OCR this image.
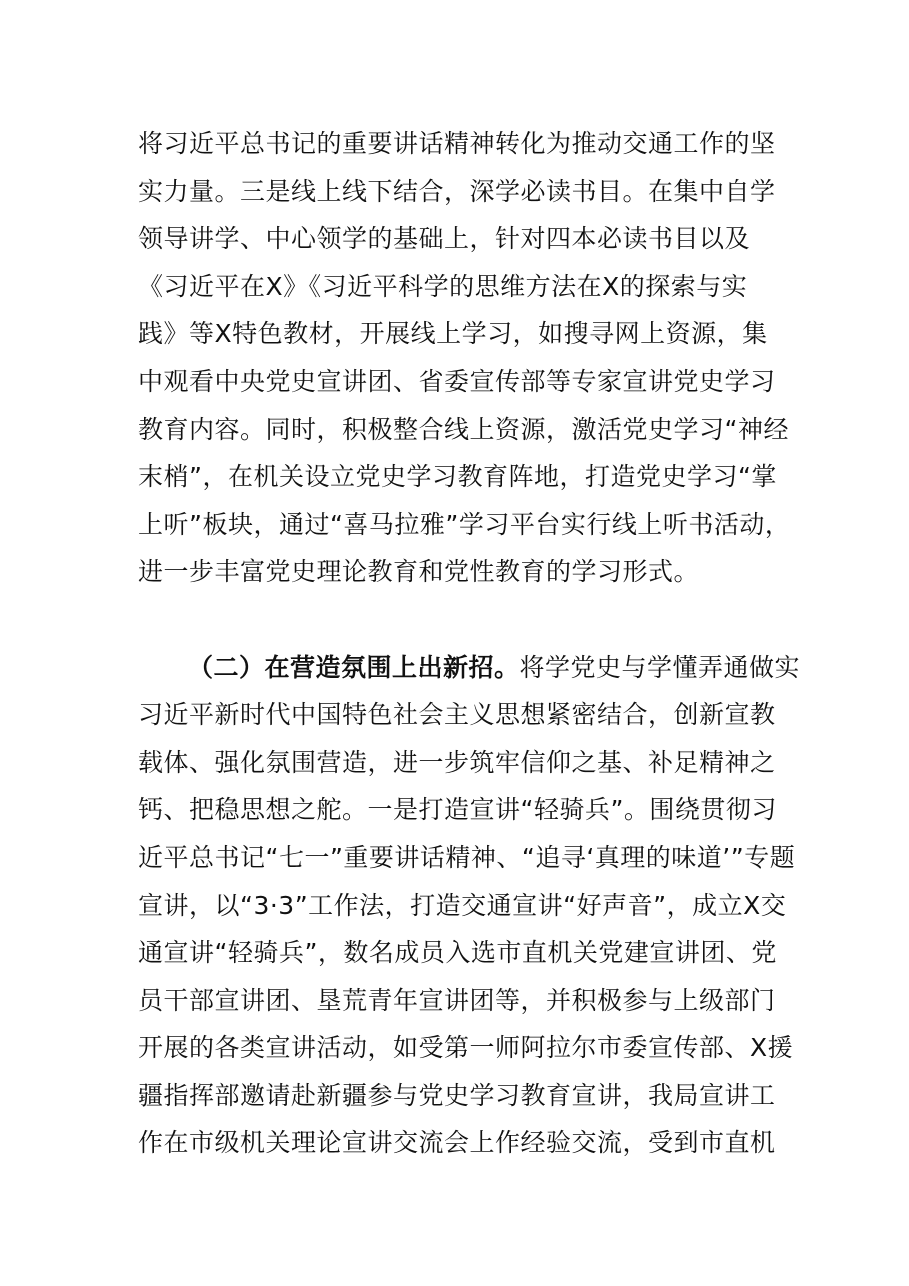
将习近平总书记的重要讲话精神转化为推动交通工作的坚
实力量。三是线上线下结合，深学必读书目。在集中自学
领导讲学、中心领学的基础上，针对四本必读书目以及
《习近平在X》《习近平科学的思维方法在X的探索与实
践》等X特色教材，开展线上学习，如搜寻网上资源，集
中观看中央党史宣讲团、省委宣传部等专家宣讲党史学习
教育内容。同时，积极整合线上资源，激活党史学习“神经
末梢”，在机关设立党史学习教育阵地，打造党史学习“掌
上听”板块，通过“喜马拉雅”学习平台实行线上听书活动，
进一步丰富党史理论教育和党性教育的学习形式。
（二）在营造氛围上出新招。将学党史与学懂弄通做实
习近平新时代中国特色社会主义思想紧密结合，创新宣教
载体、强化氛围营造，进一步筑牢信仰之基、补足精神之
钙、把稳思想之舵。一是打造宣讲“轻骑兵”。围绕贯彻习
近平总书记“七一”重要讲话精神、“追寻‘真理的味道’”专题
宣讲，以“3·3”工作法，打造交通宣讲“好声音”，成立X交
通宣讲“轻骑兵”，数名成员入选市直机关党建宣讲团、党
员干部宣讲团、垦荒青年宣讲团等，并积极参与上级部门
开展的各类宣讲活动，如受第一师阿拉尔市委宣传部、X援
疆指挥部邀请赴新疆参与党史学习教育宣讲，我局宣讲工
作在市级机关理论宣讲交流会上作经验交流，受到市直机
